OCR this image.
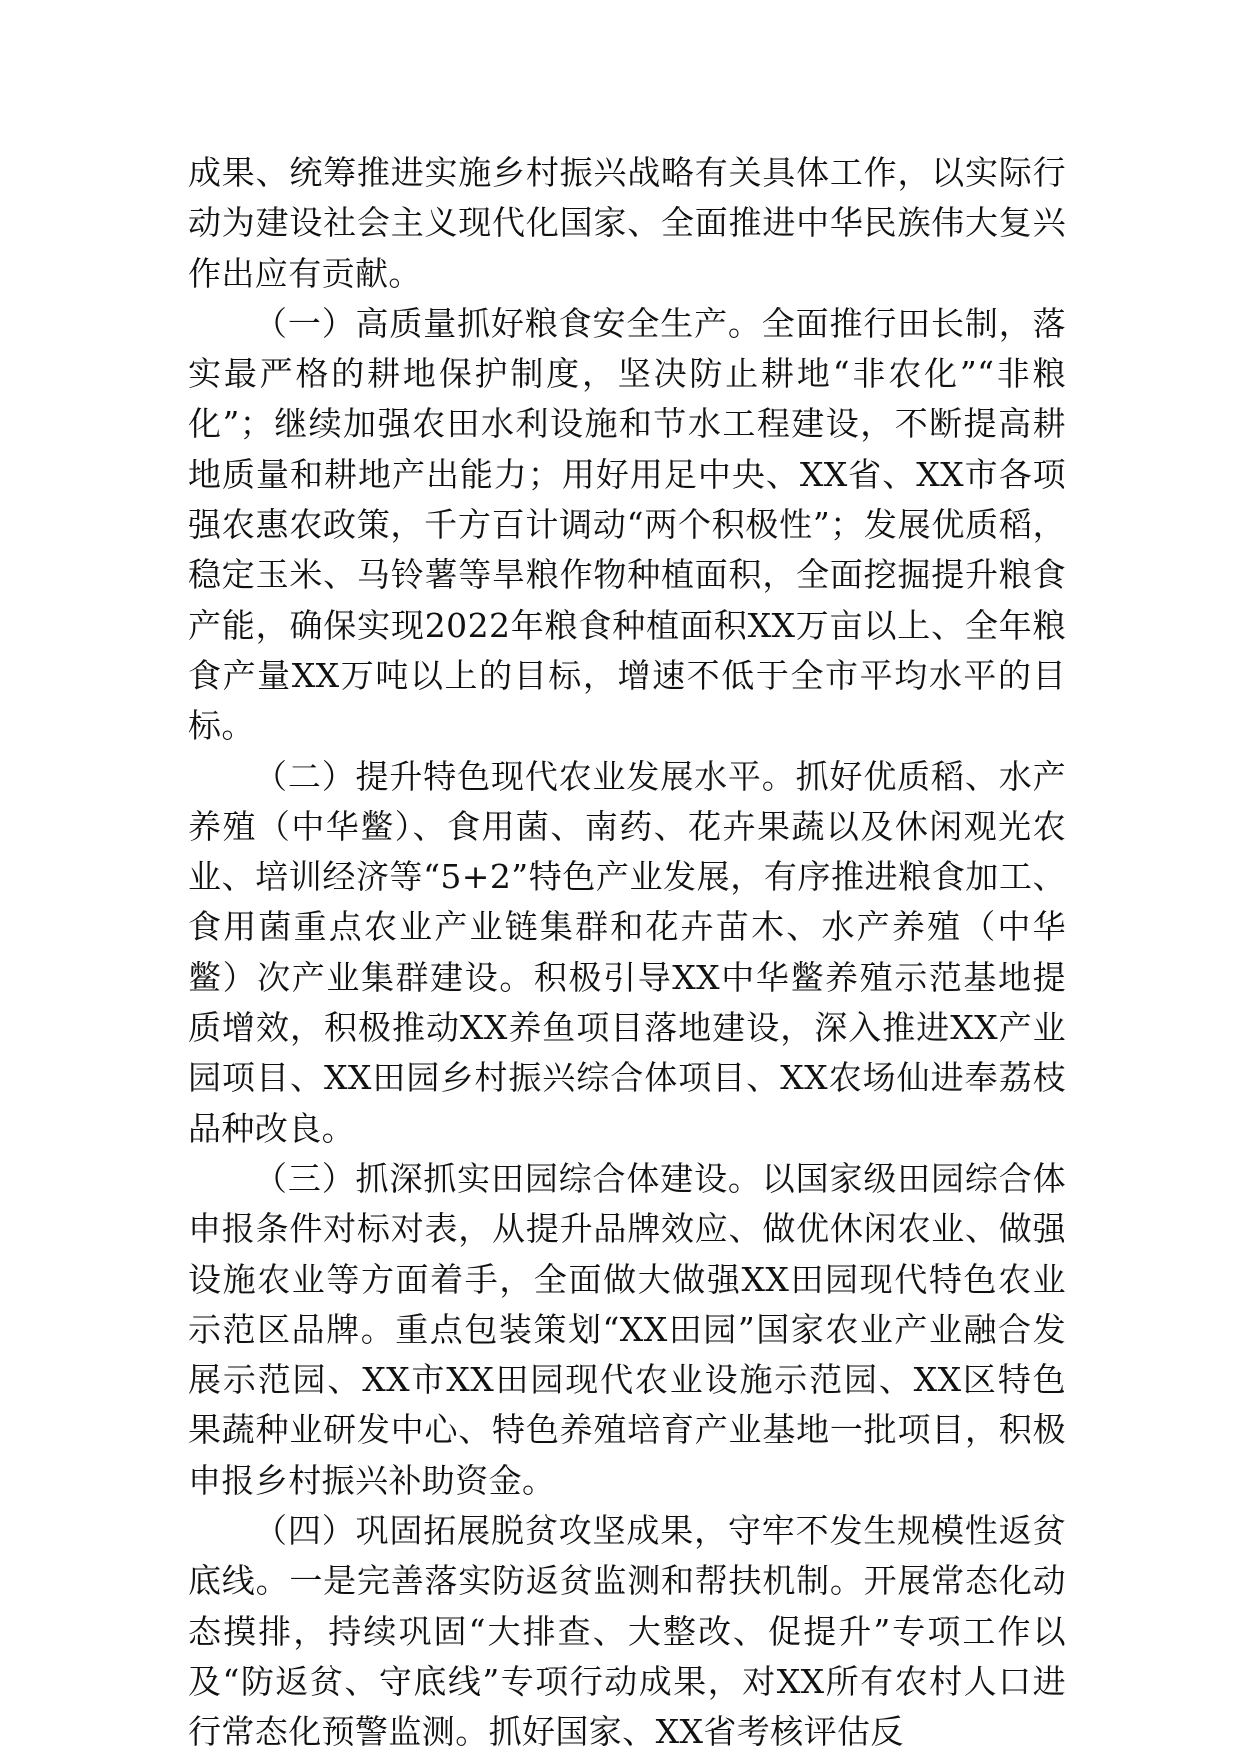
成果、统筹推进实施乡村振兴战略有关具体工作，以实际行动为建设社会主义现代化国家、全面推进中华民族伟大复兴作出应有贡献。

（一）高质量抓好粮食安全生产。全面推行田长制，落实最严格的耕地保护制度，坚决防止耕地“非农化”“非粮化”；继续加强农田水利设施和节水工程建设，不断提高耕地质量和耕地产出能力；用好用足中央、XX省、XX市各项强农惠农政策，千方百计调动“两个积极性”；发展优质稻，稳定玉米、马铃薯等旱粮作物种植面积，全面挖掘提升粮食产能，确保实现2022年粮食种植面积XX万亩以上、全年粮食产量XX万吨以上的目标，增速不低于全市平均水平的目标。

（二）提升特色现代农业发展水平。抓好优质稻、水产养殖（中华鳖）、食用菌、南药、花卉果蔬以及休闲观光农业、培训经济等“5+2”特色产业发展，有序推进粮食加工、食用菌重点农业产业链集群和花卉苗木、水产养殖（中华鳖）次产业集群建设。积极引导XX中华鳖养殖示范基地提质增效，积极推动XX养鱼项目落地建设，深入推进XX产业园项目、XX田园乡村振兴综合体项目、XX农场仙进奉荔枝品种改良。

（三）抓深抓实田园综合体建设。以国家级田园综合体申报条件对标对表，从提升品牌效应、做优休闲农业、做强设施农业等方面着手，全面做大做强XX田园现代特色农业示范区品牌。重点包装策划“XX田园”国家农业产业融合发展示范园、XX市XX田园现代农业设施示范园、XX区特色果蔬种业研发中心、特色养殖培育产业基地一批项目，积极申报乡村振兴补助资金。

（四）巩固拓展脱贫攻坚成果，守牢不发生规模性返贫底线。一是完善落实防返贫监测和帮扶机制。开展常态化动态摸排，持续巩固“大排查、大整改、促提升”专项工作以及“防返贫、守底线”专项行动成果，对XX所有农村人口进行常态化预警监测。抓好国家、XX省考核评估反
